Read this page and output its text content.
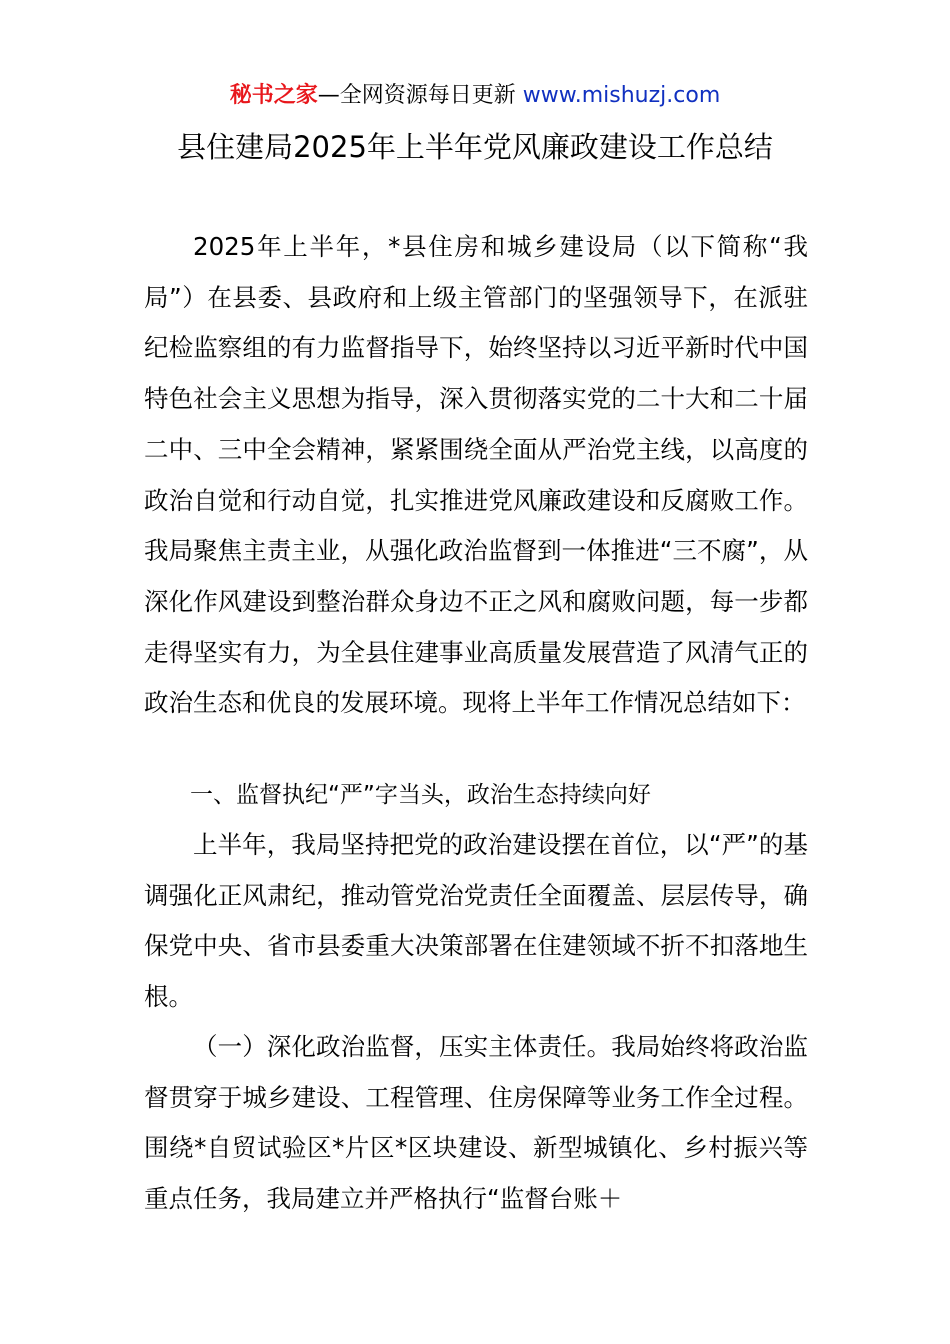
秘书之家—全网资源每日更新 www.mishuzj.com
县住建局2025年上半年党风廉政建设工作总结

2025年上半年，*县住房和城乡建设局（以下简称“我局”）在县委、县政府和上级主管部门的坚强领导下，在派驻纪检监察组的有力监督指导下，始终坚持以习近平新时代中国特色社会主义思想为指导，深入贯彻落实党的二十大和二十届二中、三中全会精神，紧紧围绕全面从严治党主线，以高度的政治自觉和行动自觉，扎实推进党风廉政建设和反腐败工作。我局聚焦主责主业，从强化政治监督到一体推进“三不腐”，从深化作风建设到整治群众身边不正之风和腐败问题，每一步都走得坚实有力，为全县住建事业高质量发展营造了风清气正的政治生态和优良的发展环境。现将上半年工作情况总结如下：

一、监督执纪“严”字当头，政治生态持续向好

上半年，我局坚持把党的政治建设摆在首位，以“严”的基调强化正风肃纪，推动管党治党责任全面覆盖、层层传导，确保党中央、省市县委重大决策部署在住建领域不折不扣落地生根。

（一）深化政治监督，压实主体责任。我局始终将政治监督贯穿于城乡建设、工程管理、住房保障等业务工作全过程。围绕*自贸试验区*片区*区块建设、新型城镇化、乡村振兴等重点任务，我局建立并严格执行“监督台账＋
